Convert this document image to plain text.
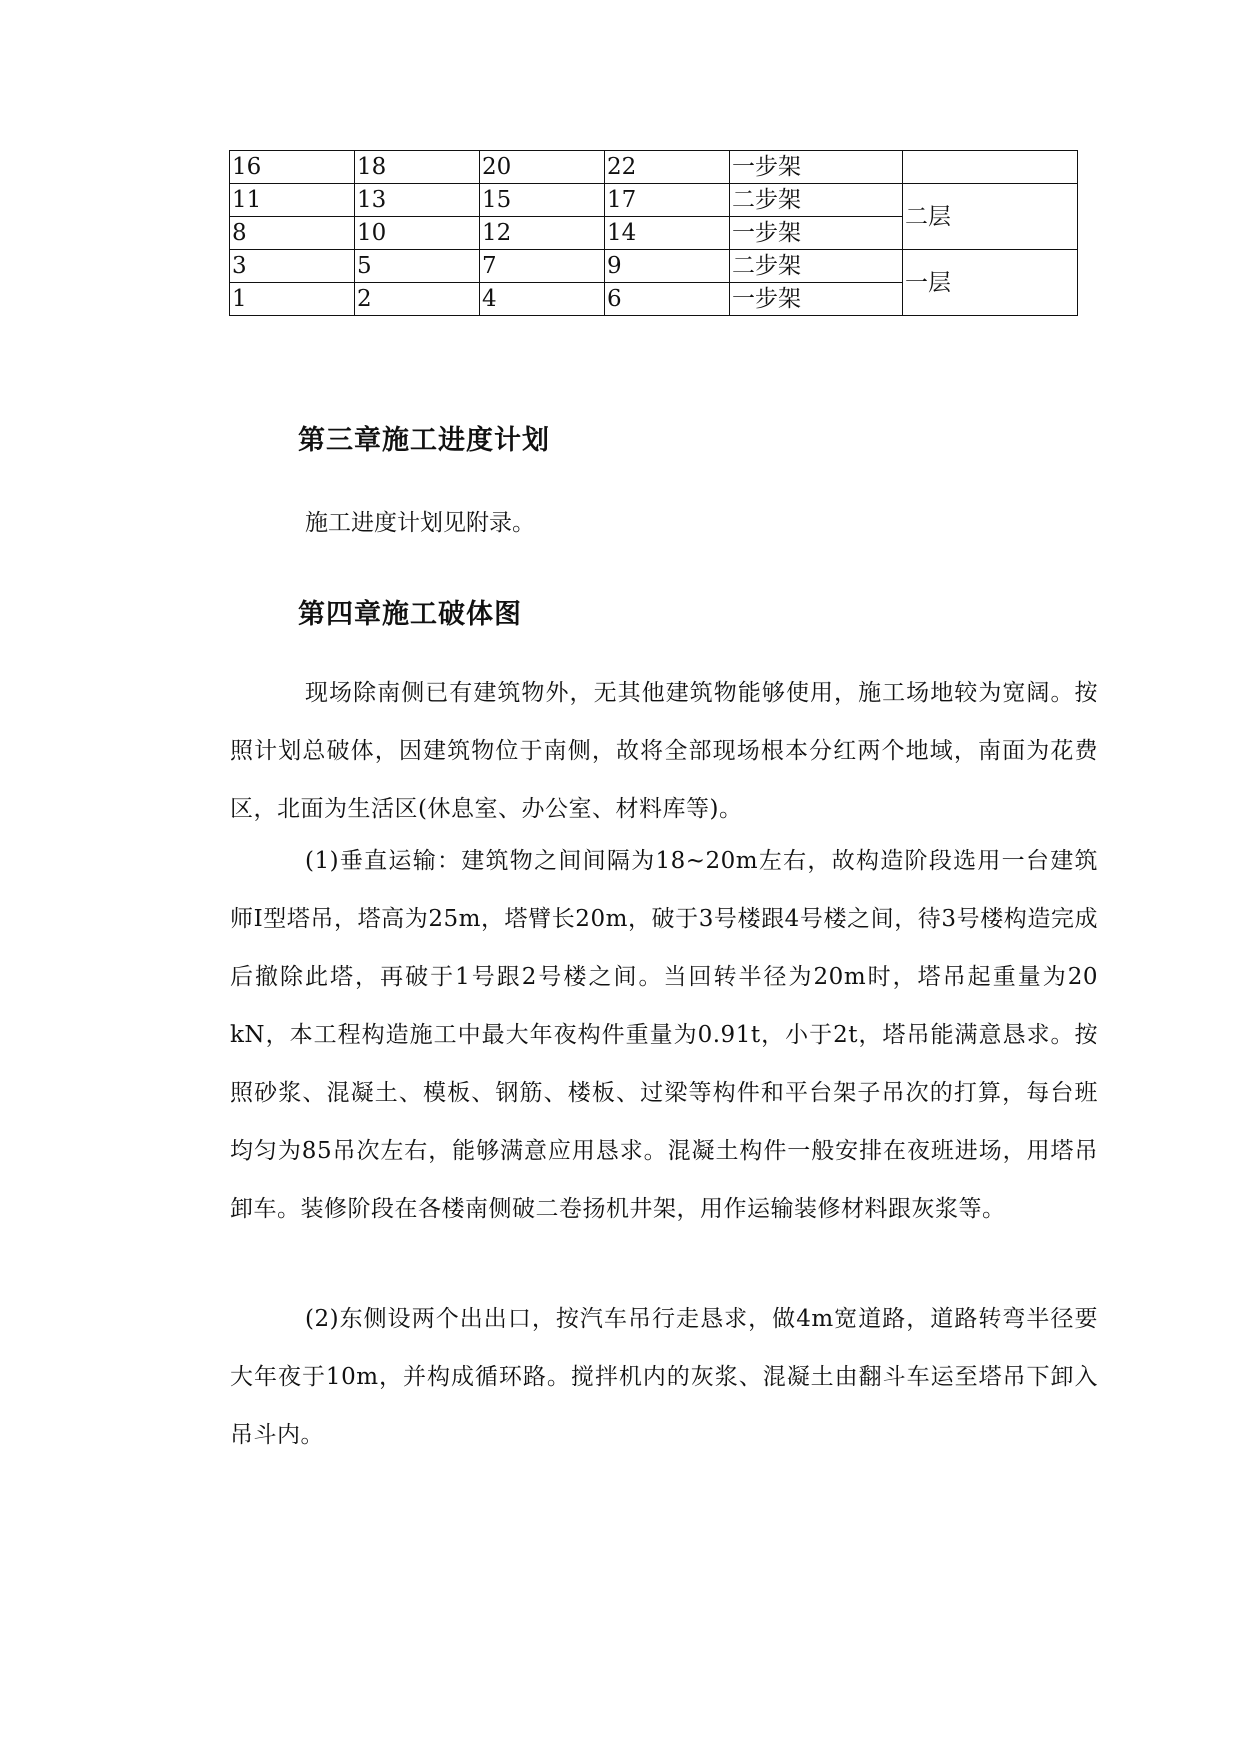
16	18	20	22	一步架	
11	13	15	17	二步架	二层
8	10	12	14	一步架	
3	5	7	9	二步架	一层
1	2	4	6	一步架	
第三章施工进度计划

施工进度计划见附录。

第四章施工破体图

现场除南侧已有建筑物外，无其他建筑物能够使用，施工场地较为宽阔。按照计划总破体，因建筑物位于南侧，故将全部现场根本分红两个地域，南面为花费区，北面为生活区(休息室、办公室、材料库等)。

(1)垂直运输：建筑物之间间隔为18~20m左右，故构造阶段选用一台建筑师I型塔吊，塔高为25m，塔臂长20m，破于3号楼跟4号楼之间，待3号楼构造完成后撤除此塔，再破于1号跟2号楼之间。当回转半径为20m时，塔吊起重量为20 kN，本工程构造施工中最大年夜构件重量为0.91t，小于2t，塔吊能满意恳求。按照砂浆、混凝土、模板、钢筋、楼板、过梁等构件和平台架子吊次的打算，每台班均匀为85吊次左右，能够满意应用恳求。混凝土构件一般安排在夜班进场，用塔吊卸车。装修阶段在各楼南侧破二卷扬机井架，用作运输装修材料跟灰浆等。

(2)东侧设两个出出口，按汽车吊行走恳求，做4m宽道路，道路转弯半径要大年夜于10m，并构成循环路。搅拌机内的灰浆、混凝土由翻斗车运至塔吊下卸入吊斗内。
